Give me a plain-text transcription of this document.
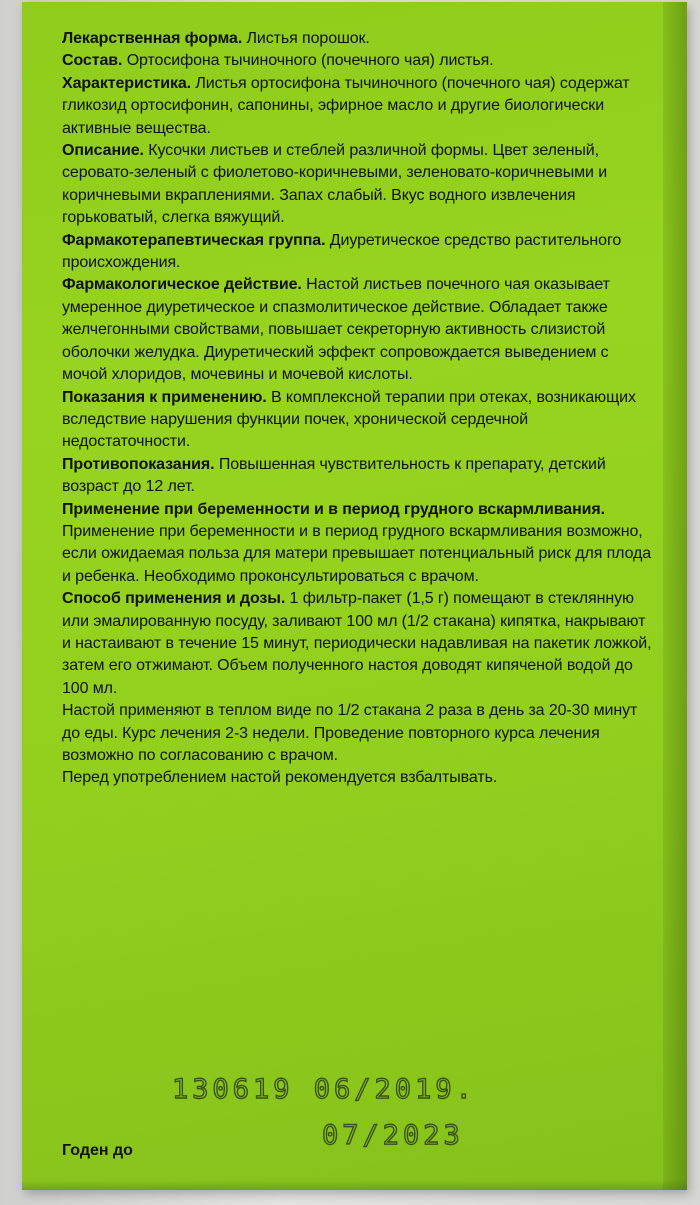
Лекарственная форма. Листья порошок.

Состав. Ортосифона тычиночного (почечного чая) листья.

Характеристика. Листья ортосифона тычиночного (почечного чая) содержат гликозид ортосифонин, сапонины, эфирное масло и другие биологически активные вещества.

Описание. Кусочки листьев и стеблей различной формы. Цвет зеленый, серовато-зеленый с фиолетово-коричневыми, зеленовато-коричневыми и коричневыми вкраплениями. Запах слабый. Вкус водного извлечения горьковатый, слегка вяжущий.

Фармакотерапевтическая группа. Диуретическое средство растительного происхождения.

Фармакологическое действие. Настой листьев почечного чая оказывает умеренное диуретическое и спазмолитическое действие. Обладает также желчегонными свойствами, повышает секреторную активность слизистой оболочки желудка. Диуретический эффект сопровождается выведением с мочой хлоридов, мочевины и мочевой кислоты.

Показания к применению. В комплексной терапии при отеках, возникающих вследствие нарушения функции почек, хронической сердечной недостаточности.

Противопоказания. Повышенная чувствительность к препарату, детский возраст до 12 лет.

Применение при беременности и в период грудного вскармливания. Применение при беременности и в период грудного вскармливания возможно, если ожидаемая польза для матери превышает потенциальный риск для плода и ребенка. Необходимо проконсультироваться с врачом.

Способ применения и дозы. 1 фильтр-пакет (1,5 г) помещают в стеклянную или эмалированную посуду, заливают 100 мл (1/2 стакана) кипятка, накрывают и настаивают в течение 15 минут, периодически надавливая на пакетик ложкой, затем его отжимают. Объем полученного настоя доводят кипяченой водой до 100 мл.

Настой применяют в теплом виде по 1/2 стакана 2 раза в день за 20-30 минут до еды. Курс лечения 2-3 недели. Проведение повторного курса лечения возможно по согласованию с врачом.

Перед употреблением настой рекомендуется взбалтывать.

130619 06/2019.
07/2023
Годен до
